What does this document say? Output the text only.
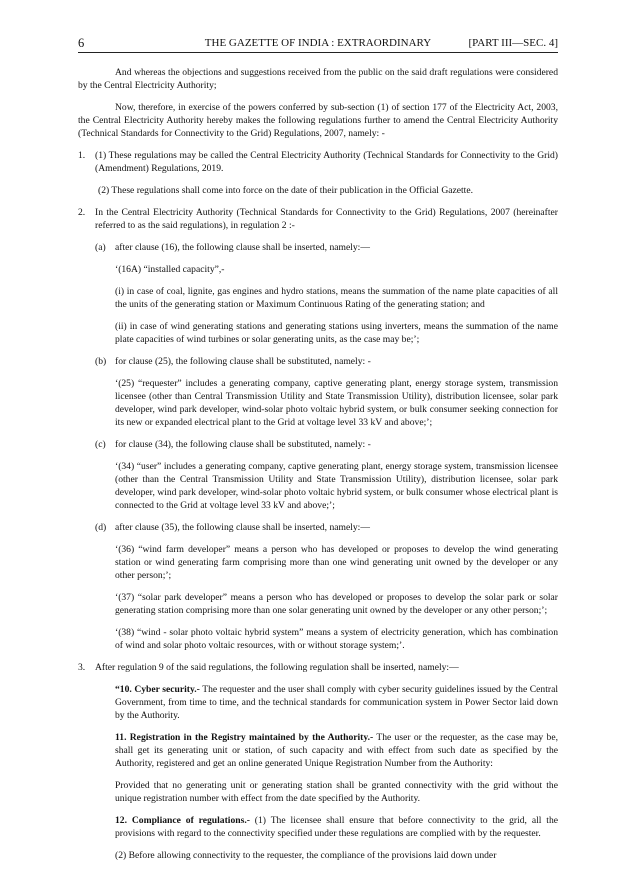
6	THE GAZETTE OF INDIA : EXTRAORDINARY	[PART III—SEC. 4]

And whereas the objections and suggestions received from the public on the said draft regulations were considered by the Central Electricity Authority;

Now, therefore, in exercise of the powers conferred by sub-section (1) of section 177 of the Electricity Act, 2003, the Central Electricity Authority hereby makes the following regulations further to amend the Central Electricity Authority (Technical Standards for Connectivity to the Grid) Regulations, 2007, namely: -

1. (1) These regulations may be called the Central Electricity Authority (Technical Standards for Connectivity to the Grid) (Amendment) Regulations, 2019.

(2) These regulations shall come into force on the date of their publication in the Official Gazette.

2. In the Central Electricity Authority (Technical Standards for Connectivity to the Grid) Regulations, 2007 (hereinafter referred to as the said regulations), in regulation 2 :-

(a) after clause (16), the following clause shall be inserted, namely:—

‘(16A) “installed capacity”,-

(i) in case of coal, lignite, gas engines and hydro stations, means the summation of the name plate capacities of all the units of the generating station or Maximum Continuous Rating of the generating station; and

(ii) in case of wind generating stations and generating stations using inverters, means the summation of the name plate capacities of wind turbines or solar generating units, as the case may be;’;

(b) for clause (25), the following clause shall be substituted, namely: -

‘(25) “requester” includes a generating company, captive generating plant, energy storage system, transmission licensee (other than Central Transmission Utility and State Transmission Utility), distribution licensee, solar park developer, wind park developer, wind-solar photo voltaic hybrid system, or bulk consumer seeking connection for its new or expanded electrical plant to the Grid at voltage level 33 kV and above;’;

(c) for clause (34), the following clause shall be substituted, namely: -

‘(34) “user” includes a generating company, captive generating plant, energy storage system, transmission licensee (other than the Central Transmission Utility and State Transmission Utility), distribution licensee, solar park developer, wind park developer, wind-solar photo voltaic hybrid system, or bulk consumer whose electrical plant is connected to the Grid at voltage level 33 kV and above;’;

(d) after clause (35), the following clause shall be inserted, namely:—

‘(36) “wind farm developer” means a person who has developed or proposes to develop the wind generating station or wind generating farm comprising more than one wind generating unit owned by the developer or any other person;’;

‘(37) “solar park developer” means a person who has developed or proposes to develop the solar park or solar generating station comprising more than one solar generating unit owned by the developer or any other person;’;

‘(38) “wind - solar photo voltaic hybrid system” means a system of electricity generation, which has combination of wind and solar photo voltaic resources, with or without storage system;’.

3. After regulation 9 of the said regulations, the following regulation shall be inserted, namely:—

“10. Cyber security.- The requester and the user shall comply with cyber security guidelines issued by the Central Government, from time to time, and the technical standards for communication system in Power Sector laid down by the Authority.

11. Registration in the Registry maintained by the Authority.- The user or the requester, as the case may be, shall get its generating unit or station, of such capacity and with effect from such date as specified by the Authority, registered and get an online generated Unique Registration Number from the Authority:

Provided that no generating unit or generating station shall be granted connectivity with the grid without the unique registration number with effect from the date specified by the Authority.

12. Compliance of regulations.- (1) The licensee shall ensure that before connectivity to the grid, all the provisions with regard to the connectivity specified under these regulations are complied with by the requester.

(2) Before allowing connectivity to the requester, the compliance of the provisions laid down under
